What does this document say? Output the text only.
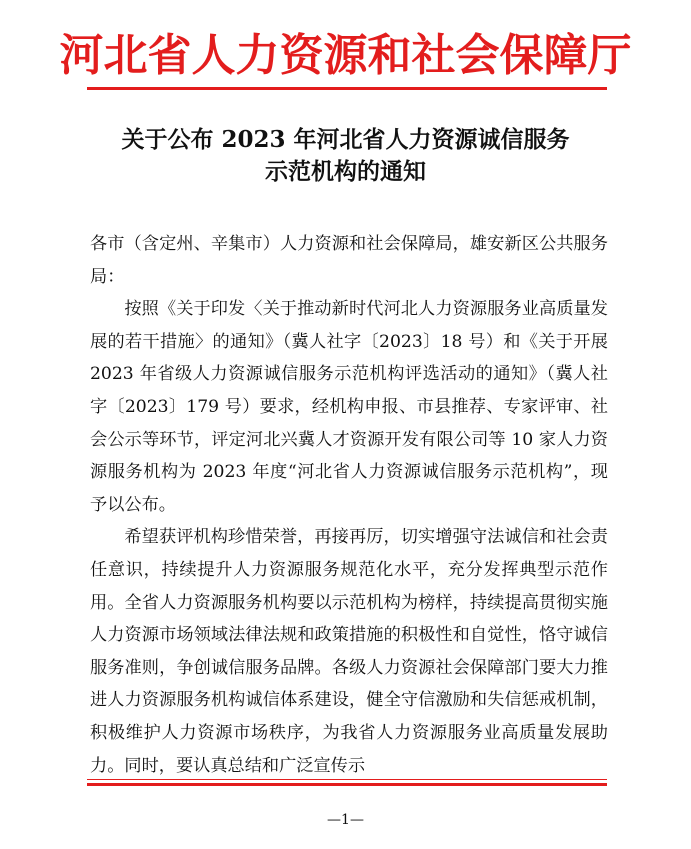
河北省人力资源和社会保障厅
关于公布 2023 年河北省人力资源诚信服务
示范机构的通知

各市（含定州、辛集市）人力资源和社会保障局，雄安新区公共服务局：

按照《关于印发〈关于推动新时代河北人力资源服务业高质量发展的若干措施〉的通知》（冀人社字〔2023〕18 号）和《关于开展 2023 年省级人力资源诚信服务示范机构评选活动的通知》（冀人社字〔2023〕179 号）要求，经机构申报、市县推荐、专家评审、社会公示等环节，评定河北兴冀人才资源开发有限公司等 10 家人力资源服务机构为 2023 年度“河北省人力资源诚信服务示范机构”，现予以公布。

希望获评机构珍惜荣誉，再接再厉，切实增强守法诚信和社会责任意识，持续提升人力资源服务规范化水平，充分发挥典型示范作用。全省人力资源服务机构要以示范机构为榜样，持续提高贯彻实施人力资源市场领域法律法规和政策措施的积极性和自觉性，恪守诚信服务准则，争创诚信服务品牌。各级人力资源社会保障部门要大力推进人力资源服务机构诚信体系建设，健全守信激励和失信惩戒机制，积极维护人力资源市场秩序，为我省人力资源服务业高质量发展助力。同时，要认真总结和广泛宣传示

—1—
